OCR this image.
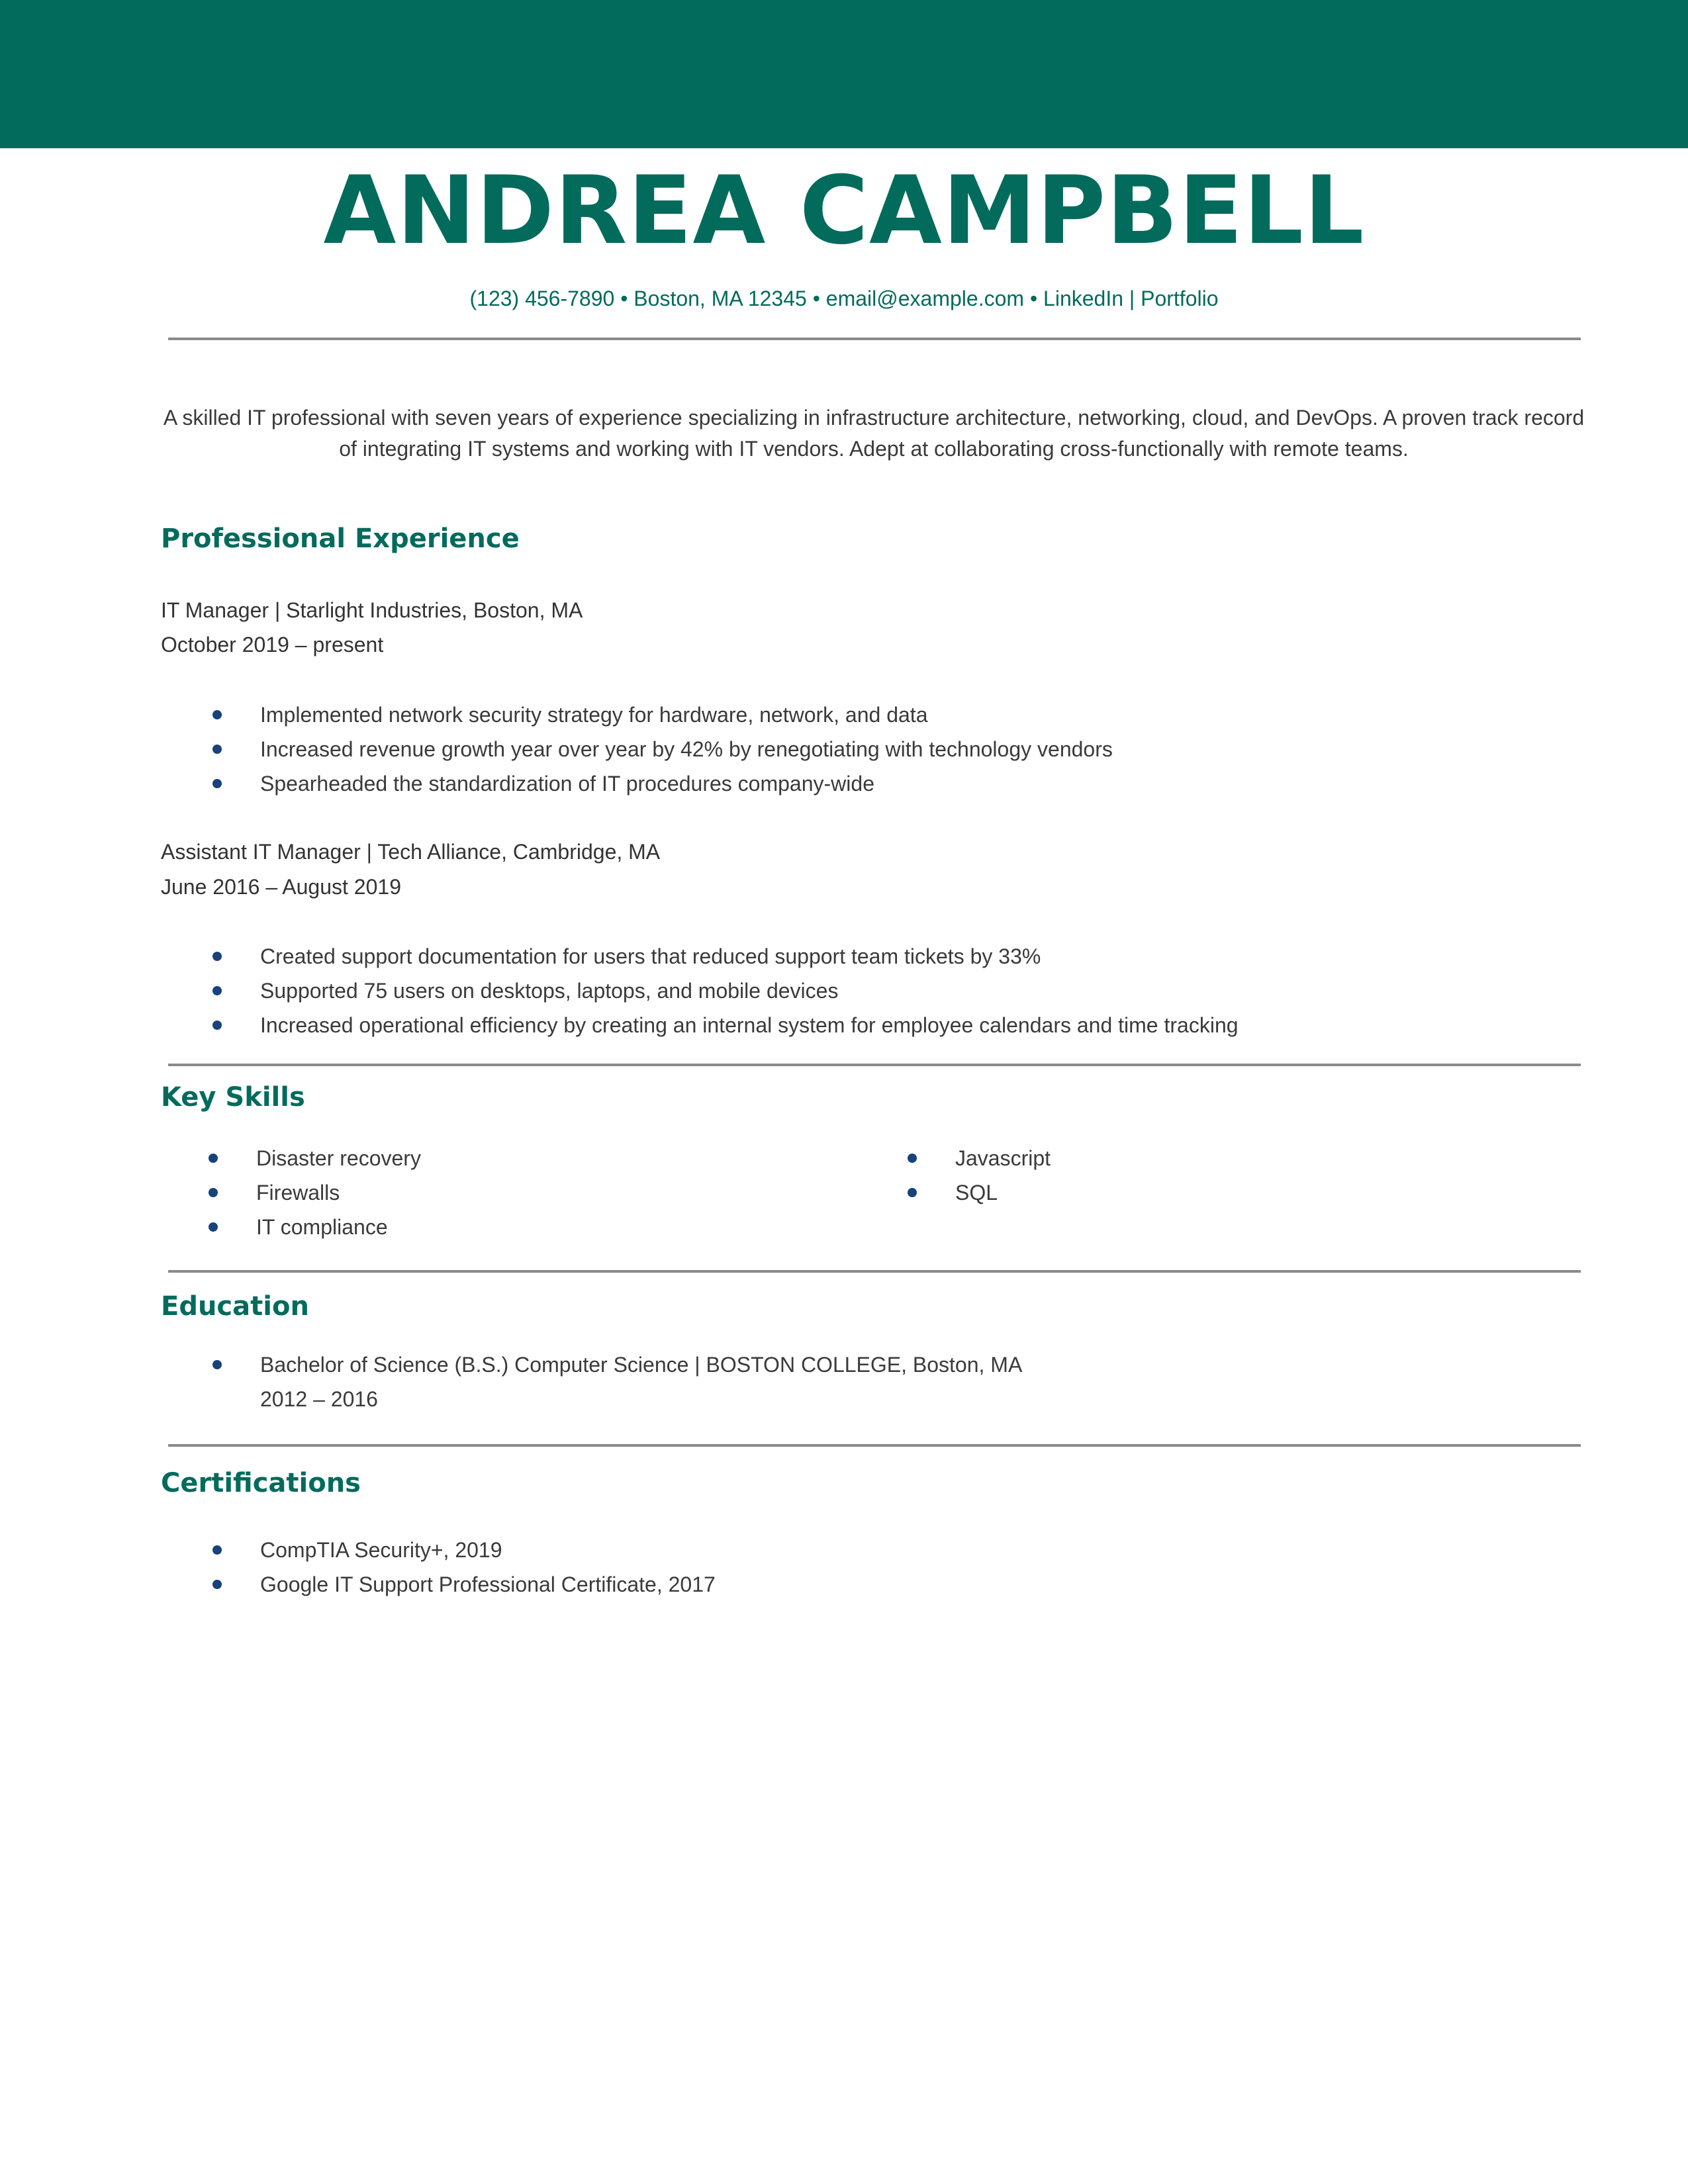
ANDREA CAMPBELL
(123) 456-7890 • Boston, MA 12345 • email@example.com • LinkedIn | Portfolio
A skilled IT professional with seven years of experience specializing in infrastructure architecture, networking, cloud, and DevOps. A proven track record of integrating IT systems and working with IT vendors. Adept at collaborating cross-functionally with remote teams.
Professional Experience
IT Manager | Starlight Industries, Boston, MA
October 2019 – present
Implemented network security strategy for hardware, network, and data
Increased revenue growth year over year by 42% by renegotiating with technology vendors
Spearheaded the standardization of IT procedures company-wide
Assistant IT Manager | Tech Alliance, Cambridge, MA
June 2016 – August 2019
Created support documentation for users that reduced support team tickets by 33%
Supported 75 users on desktops, laptops, and mobile devices
Increased operational efficiency by creating an internal system for employee calendars and time tracking
Key Skills
Disaster recovery
Firewalls
IT compliance
Javascript
SQL
Education
Bachelor of Science (B.S.) Computer Science | BOSTON COLLEGE, Boston, MA
2012 – 2016
Certifications
CompTIA Security+, 2019
Google IT Support Professional Certificate, 2017
